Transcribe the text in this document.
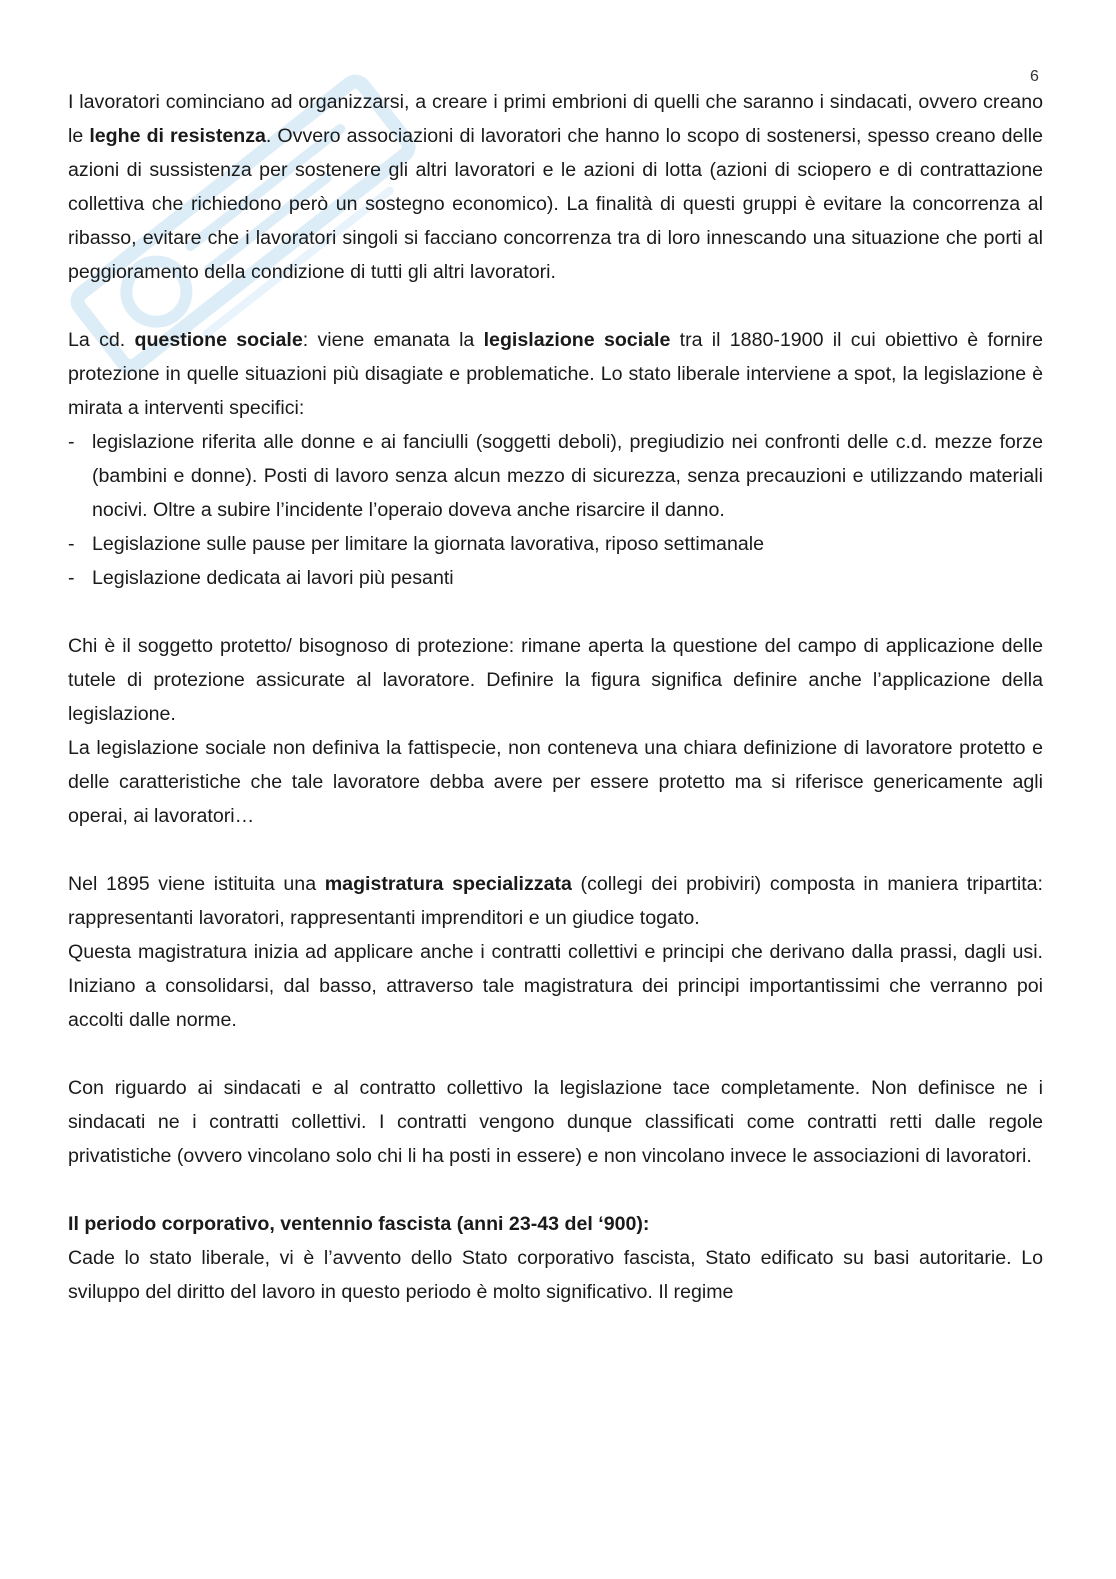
6

I lavoratori cominciano ad organizzarsi, a creare i primi embrioni di quelli che saranno i sindacati, ovvero creano le leghe di resistenza. Ovvero associazioni di lavoratori che hanno lo scopo di sostenersi, spesso creano delle azioni di sussistenza per sostenere gli altri lavoratori e le azioni di lotta (azioni di sciopero e di contrattazione collettiva che richiedono però un sostegno economico). La finalità di questi gruppi è evitare la concorrenza al ribasso, evitare che i lavoratori singoli si facciano concorrenza tra di loro innescando una situazione che porti al peggioramento della condizione di tutti gli altri lavoratori.

La cd. questione sociale: viene emanata la legislazione sociale tra il 1880-1900 il cui obiettivo è fornire protezione in quelle situazioni più disagiate e problematiche. Lo stato liberale interviene a spot, la legislazione è mirata a interventi specifici:

- legislazione riferita alle donne e ai fanciulli (soggetti deboli), pregiudizio nei confronti delle c.d. mezze forze (bambini e donne). Posti di lavoro senza alcun mezzo di sicurezza, senza precauzioni e utilizzando materiali nocivi. Oltre a subire l’incidente l’operaio doveva anche risarcire il danno.
- Legislazione sulle pause per limitare la giornata lavorativa, riposo settimanale
- Legislazione dedicata ai lavori più pesanti

Chi è il soggetto protetto/ bisognoso di protezione: rimane aperta la questione del campo di applicazione delle tutele di protezione assicurate al lavoratore. Definire la figura significa definire anche l’applicazione della legislazione.

La legislazione sociale non definiva la fattispecie, non conteneva una chiara definizione di lavoratore protetto e delle caratteristiche che tale lavoratore debba avere per essere protetto ma si riferisce genericamente agli operai, ai lavoratori…

Nel 1895 viene istituita una magistratura specializzata (collegi dei probiviri) composta in maniera tripartita: rappresentanti lavoratori, rappresentanti imprenditori e un giudice togato.

Questa magistratura inizia ad applicare anche i contratti collettivi e principi che derivano dalla prassi, dagli usi. Iniziano a consolidarsi, dal basso, attraverso tale magistratura dei principi importantissimi che verranno poi accolti dalle norme.

Con riguardo ai sindacati e al contratto collettivo la legislazione tace completamente. Non definisce ne i sindacati ne i contratti collettivi. I contratti vengono dunque classificati come contratti retti dalle regole privatistiche (ovvero vincolano solo chi li ha posti in essere) e non vincolano invece le associazioni di lavoratori.

Il periodo corporativo, ventennio fascista (anni 23-43 del ‘900):

Cade lo stato liberale, vi è l’avvento dello Stato corporativo fascista, Stato edificato su basi autoritarie. Lo sviluppo del diritto del lavoro in questo periodo è molto significativo. Il regime
